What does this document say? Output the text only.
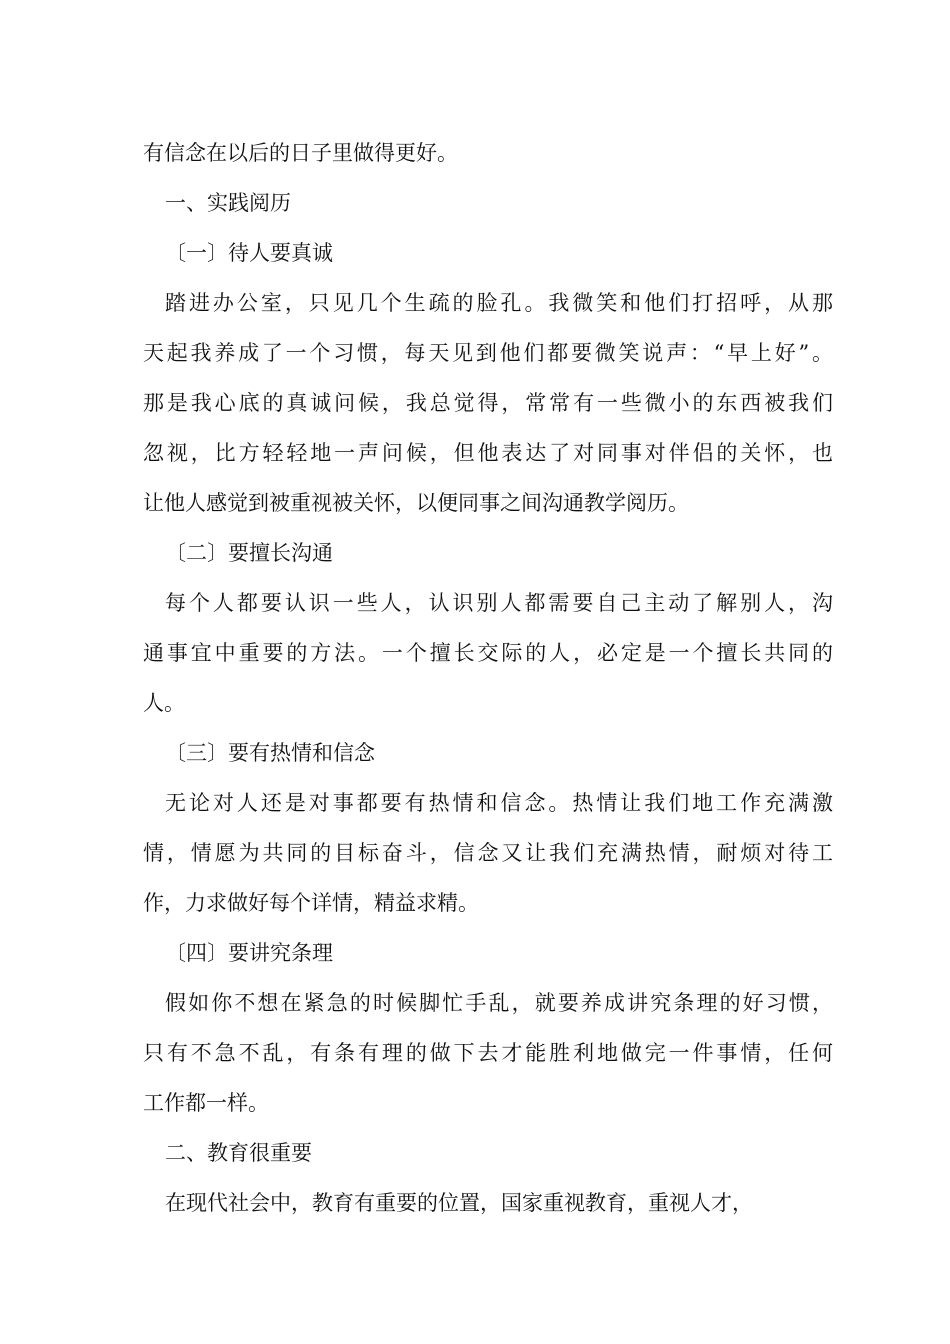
有信念在以后的日子里做得更好。
一、实践阅历
〔一〕待人要真诚
踏进办公室，只见几个生疏的脸孔。我微笑和他们打招呼，从那
天起我养成了一个习惯，每天见到他们都要微笑说声：“早上好”。
那是我心底的真诚问候，我总觉得，常常有一些微小的东西被我们
忽视，比方轻轻地一声问候，但他表达了对同事对伴侣的关怀，也
让他人感觉到被重视被关怀，以便同事之间沟通教学阅历。
〔二〕要擅长沟通
每个人都要认识一些人，认识别人都需要自己主动了解别人，沟
通事宜中重要的方法。一个擅长交际的人，必定是一个擅长共同的
人。
〔三〕要有热情和信念
无论对人还是对事都要有热情和信念。热情让我们地工作充满激
情，情愿为共同的目标奋斗，信念又让我们充满热情，耐烦对待工
作，力求做好每个详情，精益求精。
〔四〕要讲究条理
假如你不想在紧急的时候脚忙手乱，就要养成讲究条理的好习惯，
只有不急不乱，有条有理的做下去才能胜利地做完一件事情，任何
工作都一样。
二、教育很重要
在现代社会中，教育有重要的位置，国家重视教育，重视人才，
